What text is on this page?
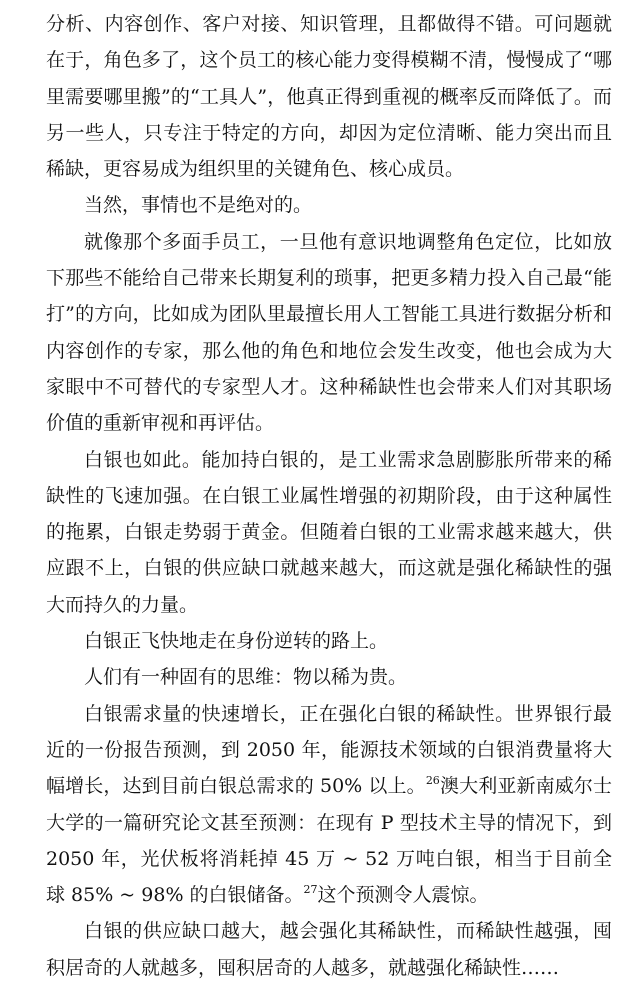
分析、内容创作、客户对接、知识管理，且都做得不错。可问题就在于，角色多了，这个员工的核心能力变得模糊不清，慢慢成了“哪里需要哪里搬”的“工具人”，他真正得到重视的概率反而降低了。而另一些人，只专注于特定的方向，却因为定位清晰、能力突出而且稀缺，更容易成为组织里的关键角色、核心成员。

当然，事情也不是绝对的。

就像那个多面手员工，一旦他有意识地调整角色定位，比如放下那些不能给自己带来长期复利的琐事，把更多精力投入自己最“能打”的方向，比如成为团队里最擅长用人工智能工具进行数据分析和内容创作的专家，那么他的角色和地位会发生改变，他也会成为大家眼中不可替代的专家型人才。这种稀缺性也会带来人们对其职场价值的重新审视和再评估。

白银也如此。能加持白银的，是工业需求急剧膨胀所带来的稀缺性的飞速加强。在白银工业属性增强的初期阶段，由于这种属性的拖累，白银走势弱于黄金。但随着白银的工业需求越来越大，供应跟不上，白银的供应缺口就越来越大，而这就是强化稀缺性的强大而持久的力量。

白银正飞快地走在身份逆转的路上。

人们有一种固有的思维：物以稀为贵。

白银需求量的快速增长，正在强化白银的稀缺性。世界银行最近的一份报告预测，到 2050 年，能源技术领域的白银消费量将大幅增长，达到目前白银总需求的 50% 以上。$^{26}$澳大利亚新南威尔士大学的一篇研究论文甚至预测：在现有 P 型技术主导的情况下，到 2050 年，光伏板将消耗掉 45 万 ~ 52 万吨白银，相当于目前全球 85% ~ 98% 的白银储备。$^{27}$这个预测令人震惊。

白银的供应缺口越大，越会强化其稀缺性，而稀缺性越强，囤积居奇的人就越多，囤积居奇的人越多，就越强化稀缺性……
